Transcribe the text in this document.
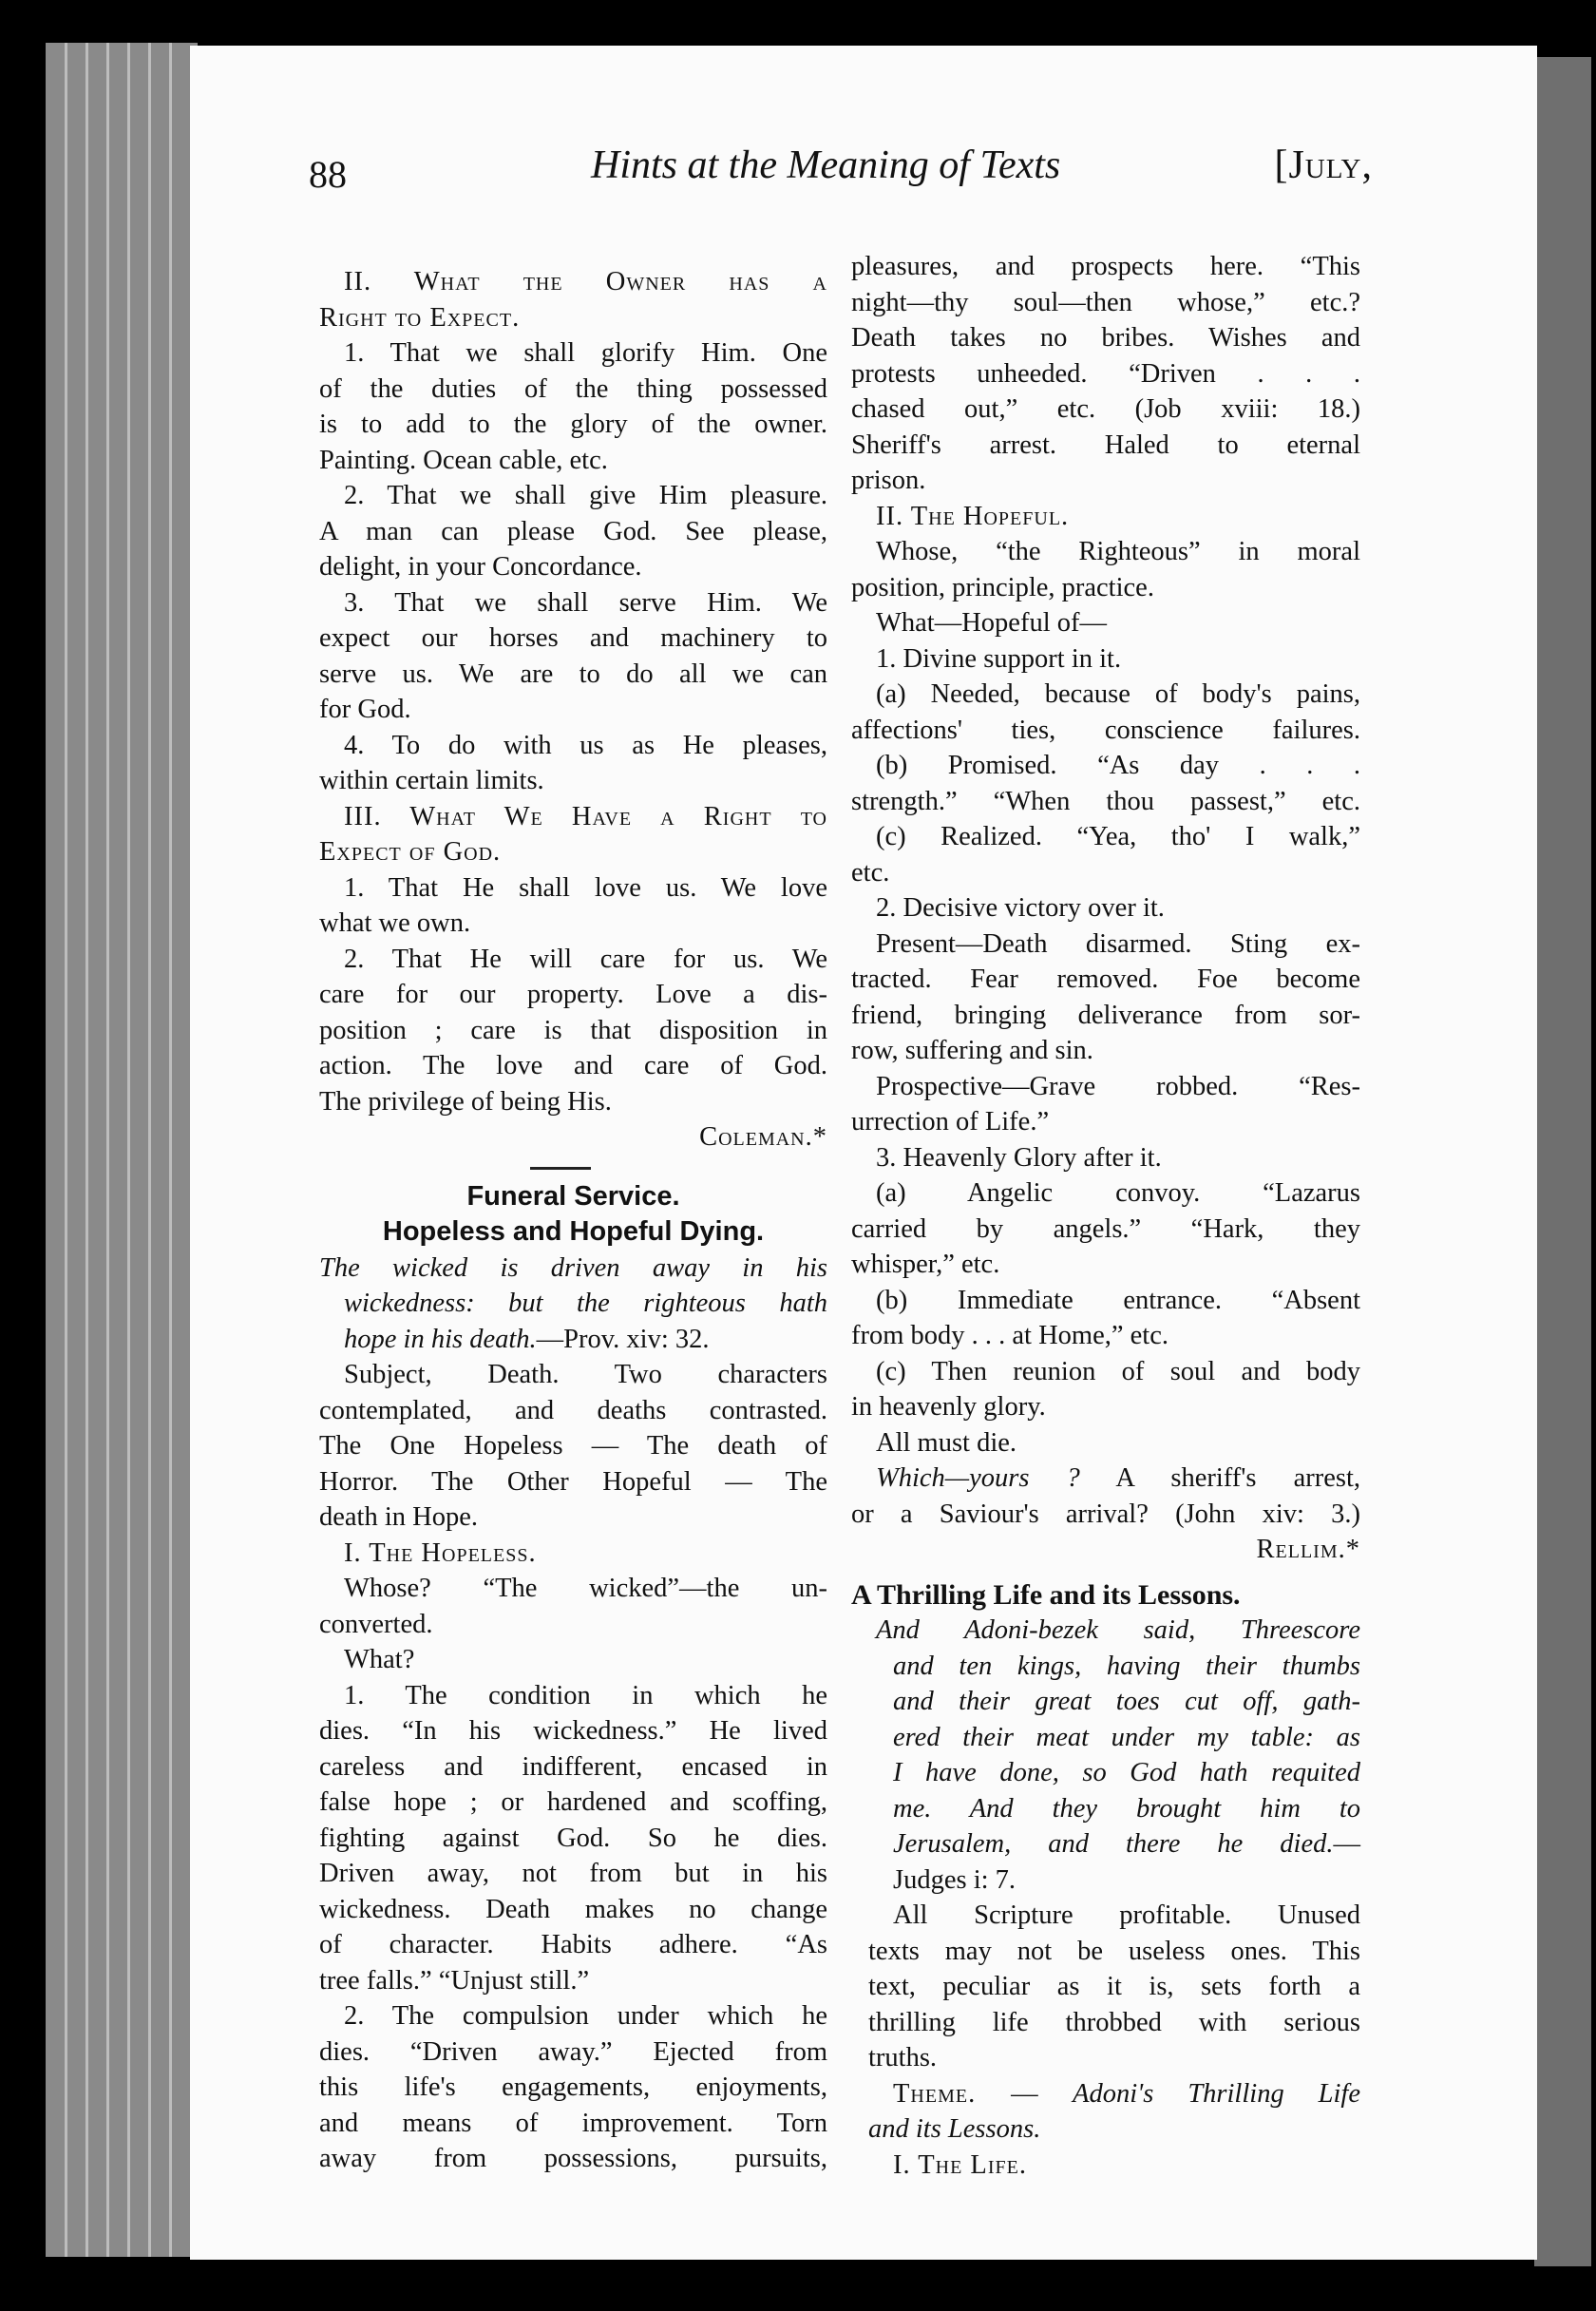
88	Hints at the Meaning of Texts	[July,

II. What the Owner has a

Right to Expect.

1. That we shall glorify Him. One

of the duties of the thing possessed

is to add to the glory of the owner.

Painting. Ocean cable, etc.

2. That we shall give Him pleasure.

A man can please God. See please,

delight, in your Concordance.

3. That we shall serve Him. We

expect our horses and machinery to

serve us. We are to do all we can

for God.

4. To do with us as He pleases,

within certain limits.

III. What We Have a Right to

Expect of God.

1. That He shall love us. We love

what we own.

2. That He will care for us. We

care for our property. Love a dis-

position ; care is that disposition in

action. The love and care of God.

The privilege of being His.

Coleman.*

Funeral Service.

Hopeless and Hopeful Dying.

The wicked is driven away in his

wickedness: but the righteous hath

hope in his death.—Prov. xiv: 32.

Subject, Death. Two characters

contemplated, and deaths contrasted.

The One Hopeless — The death of

Horror. The Other Hopeful — The

death in Hope.

I. The Hopeless.

Whose? “The wicked”—the un-

converted.

What?

1. The condition in which he

dies. “In his wickedness.” He lived

careless and indifferent, encased in

false hope ; or hardened and scoffing,

fighting against God. So he dies.

Driven away, not from but in his

wickedness. Death makes no change

of character. Habits adhere. “As

tree falls.” “Unjust still.”

2. The compulsion under which he

dies. “Driven away.” Ejected from

this life's engagements, enjoyments,

and means of improvement. Torn

away from possessions, pursuits,

pleasures, and prospects here. “This

night—thy soul—then whose,” etc.?

Death takes no bribes. Wishes and

protests unheeded. “Driven . . .

chased out,” etc. (Job xviii: 18.)

Sheriff's arrest. Haled to eternal

prison.

II. The Hopeful.

Whose, “the Righteous” in moral

position, principle, practice.

What—Hopeful of—

1. Divine support in it.

(a) Needed, because of body's pains,

affections' ties, conscience failures.

(b) Promised. “As day . . .

strength.” “When thou passest,” etc.

(c) Realized. “Yea, tho' I walk,”

etc.

2. Decisive victory over it.

Present—Death disarmed. Sting ex-

tracted. Fear removed. Foe become

friend, bringing deliverance from sor-

row, suffering and sin.

Prospective—Grave robbed. “Res-

urrection of Life.”

3. Heavenly Glory after it.

(a) Angelic convoy. “Lazarus

carried by angels.” “Hark, they

whisper,” etc.

(b) Immediate entrance. “Absent

from body . . . at Home,” etc.

(c) Then reunion of soul and body

in heavenly glory.

All must die.

Which—yours ? A sheriff's arrest,

or a Saviour's arrival? (John xiv: 3.)

Rellim.*

A Thrilling Life and its Lessons.

And Adoni-bezek said, Threescore

and ten kings, having their thumbs

and their great toes cut off, gath-

ered their meat under my table: as

I have done, so God hath requited

me. And they brought him to

Jerusalem, and there he died.—

Judges i: 7.

All Scripture profitable. Unused

texts may not be useless ones. This

text, peculiar as it is, sets forth a

thrilling life throbbed with serious

truths.

Theme. — Adoni's Thrilling Life

and its Lessons.

I. The Life.
